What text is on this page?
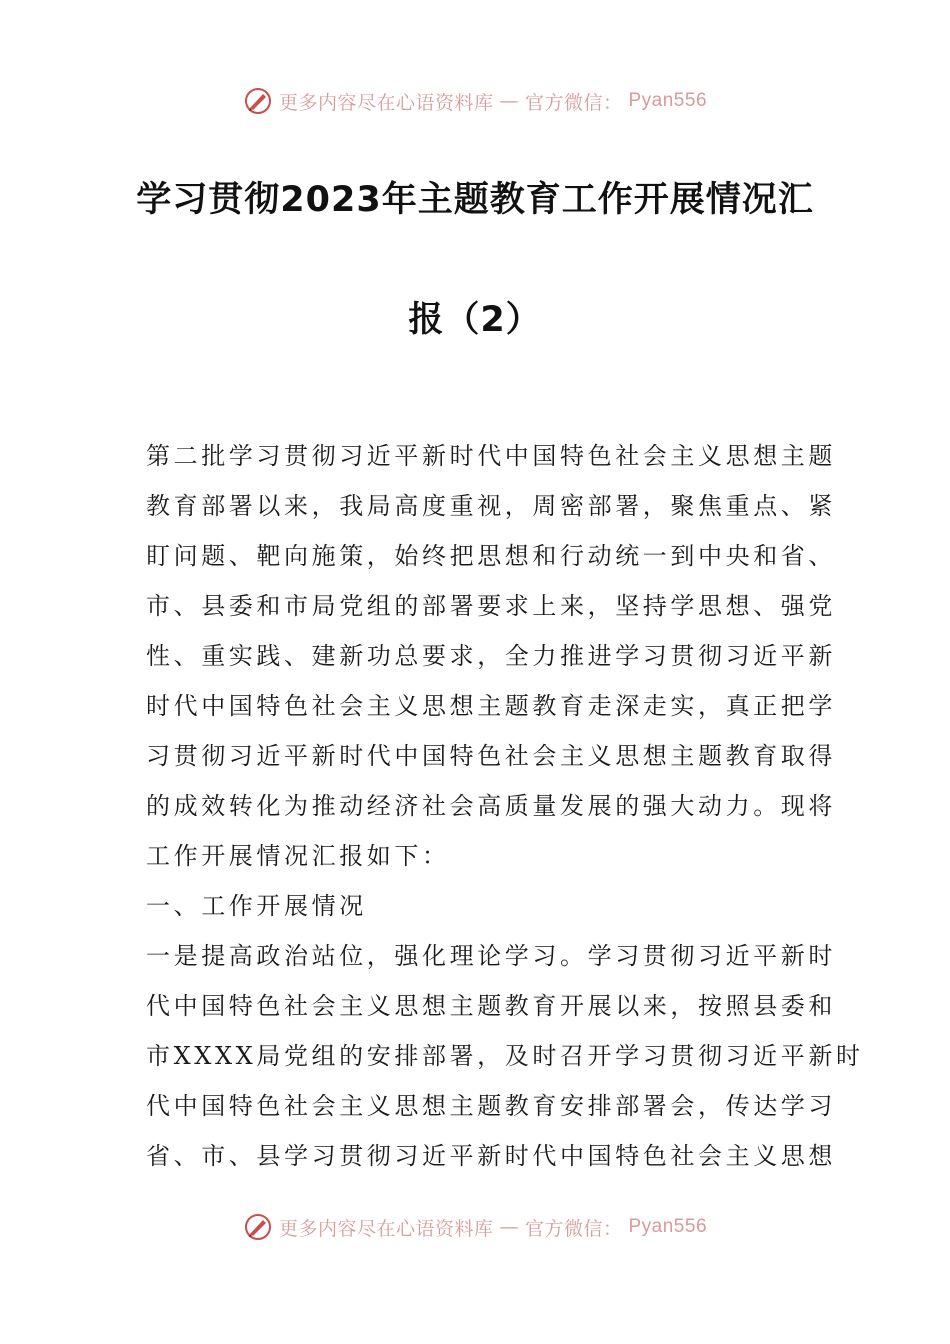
更多内容尽在心语资料库 — 官方微信： Pyan556
学习贯彻2023年主题教育工作开展情况汇
报（2）
第二批学习贯彻习近平新时代中国特色社会主义思想主题
教育部署以来，我局高度重视，周密部署，聚焦重点、紧
盯问题、靶向施策，始终把思想和行动统一到中央和省、
市、县委和市局党组的部署要求上来，坚持学思想、强党
性、重实践、建新功总要求，全力推进学习贯彻习近平新
时代中国特色社会主义思想主题教育走深走实，真正把学
习贯彻习近平新时代中国特色社会主义思想主题教育取得
的成效转化为推动经济社会高质量发展的强大动力。现将
工作开展情况汇报如下：
一、工作开展情况
一是提高政治站位，强化理论学习。学习贯彻习近平新时
代中国特色社会主义思想主题教育开展以来，按照县委和
市XXXX局党组的安排部署，及时召开学习贯彻习近平新时
代中国特色社会主义思想主题教育安排部署会，传达学习
省、市、县学习贯彻习近平新时代中国特色社会主义思想
更多内容尽在心语资料库 — 官方微信： Pyan556
